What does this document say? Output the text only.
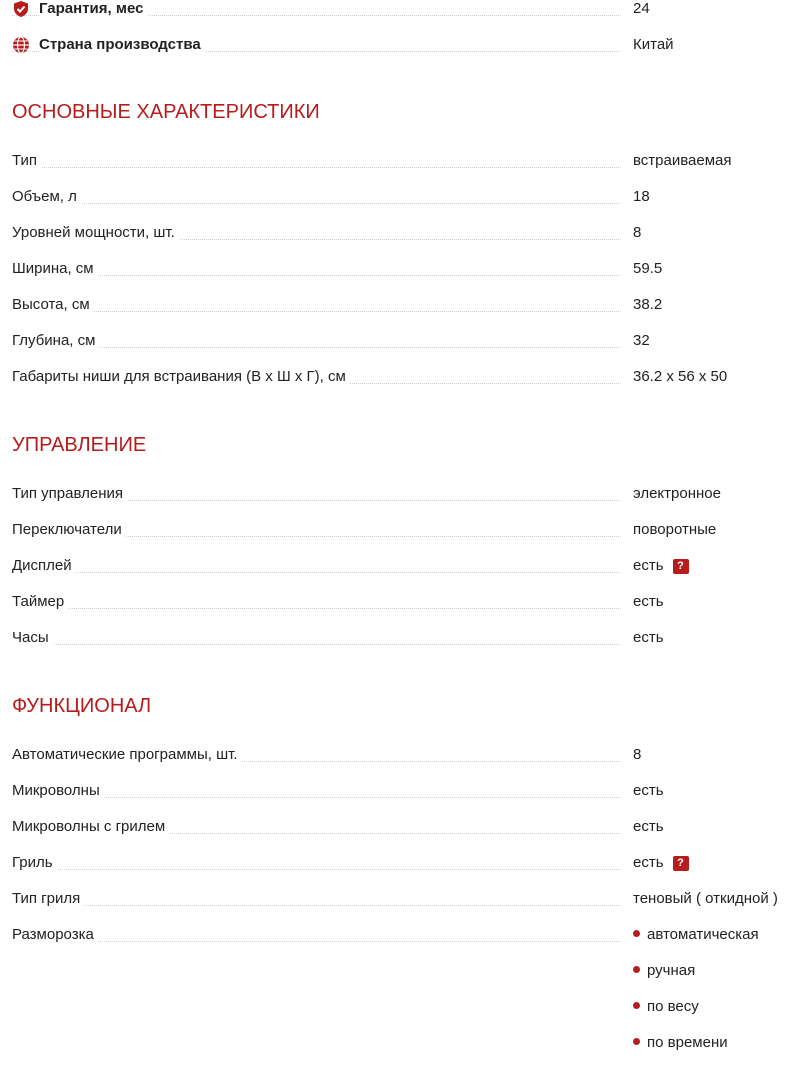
Гарантия, мес	24
Страна производства	Китай
ОСНОВНЫЕ ХАРАКТЕРИСТИКИ
Тип	встраиваемая
Объем, л	18
Уровней мощности, шт.	8
Ширина, см	59.5
Высота, см	38.2
Глубина, см	32
Габариты ниши для встраивания (В х Ш х Г), см	36.2 x 56 x 50
УПРАВЛЕНИЕ
Тип управления	электронное
Переключатели	поворотные
Дисплей	есть ?
Таймер	есть
Часы	есть
ФУНКЦИОНАЛ
Автоматические программы, шт.	8
Микроволны	есть
Микроволны с грилем	есть
Гриль	есть ?
Тип гриля	теновый ( откидной )
Разморозка	автоматическая
ручная
по весу
по времени
